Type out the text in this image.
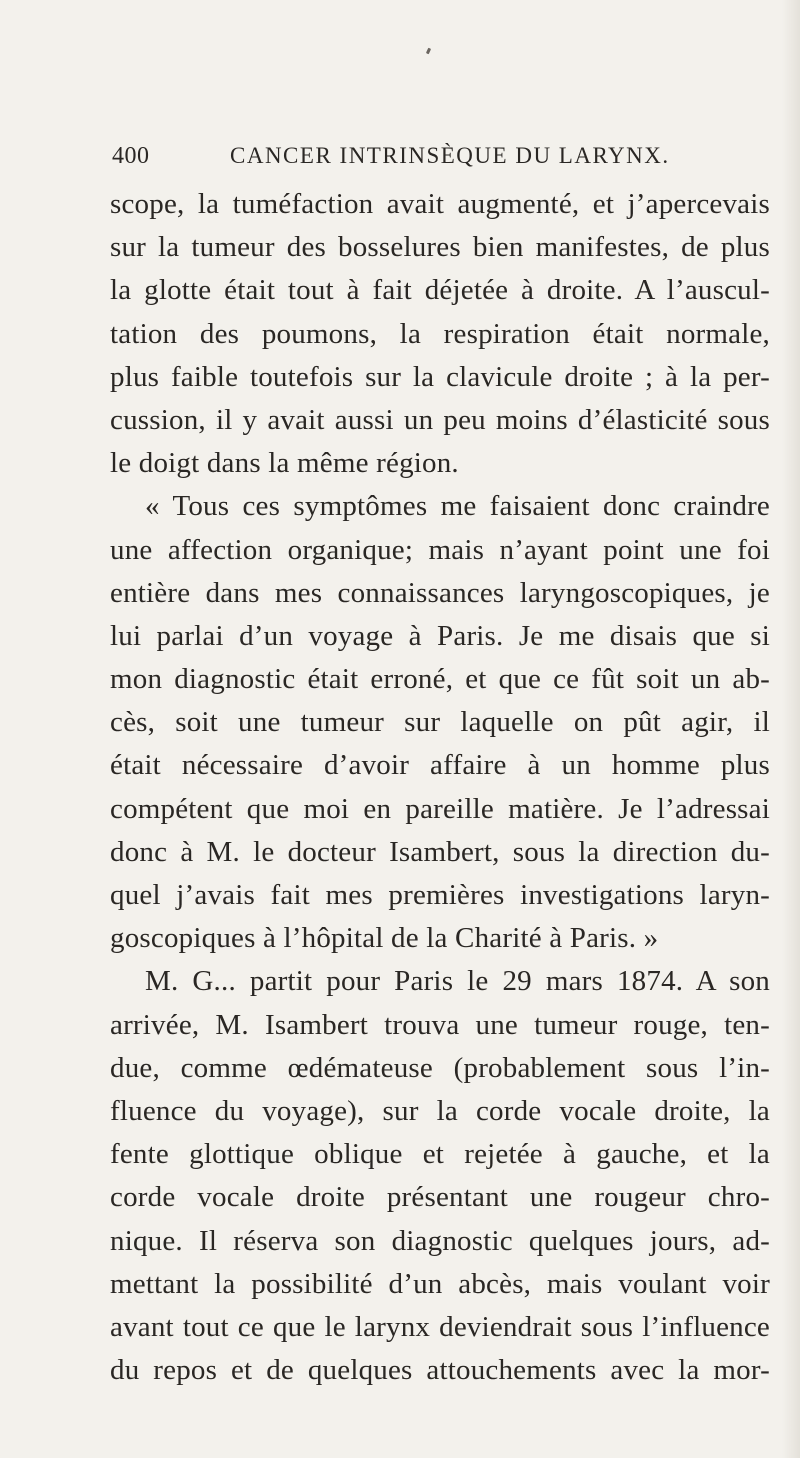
400	CANCER INTRINSÈQUE DU LARYNX.
scope, la tuméfaction avait augmenté, et j’apercevais
sur la tumeur des bosselures bien manifestes, de plus
la glotte était tout à fait déjetée à droite. A l’auscul-
tation des poumons, la respiration était normale,
plus faible toutefois sur la clavicule droite ; à la per-
cussion, il y avait aussi un peu moins d’élasticité sous
le doigt dans la même région.
« Tous ces symptômes me faisaient donc craindre
une affection organique; mais n’ayant point une foi
entière dans mes connaissances laryngoscopiques, je
lui parlai d’un voyage à Paris. Je me disais que si
mon diagnostic était erroné, et que ce fût soit un ab-
cès, soit une tumeur sur laquelle on pût agir, il
était nécessaire d’avoir affaire à un homme plus
compétent que moi en pareille matière. Je l’adressai
donc à M. le docteur Isambert, sous la direction du-
quel j’avais fait mes premières investigations laryn-
goscopiques à l’hôpital de la Charité à Paris. »
M. G... partit pour Paris le 29 mars 1874. A son
arrivée, M. Isambert trouva une tumeur rouge, ten-
due, comme œdémateuse (probablement sous l’in-
fluence du voyage), sur la corde vocale droite, la
fente glottique oblique et rejetée à gauche, et la
corde vocale droite présentant une rougeur chro-
nique. Il réserva son diagnostic quelques jours, ad-
mettant la possibilité d’un abcès, mais voulant voir
avant tout ce que le larynx deviendrait sous l’influence
du repos et de quelques attouchements avec la mor-
